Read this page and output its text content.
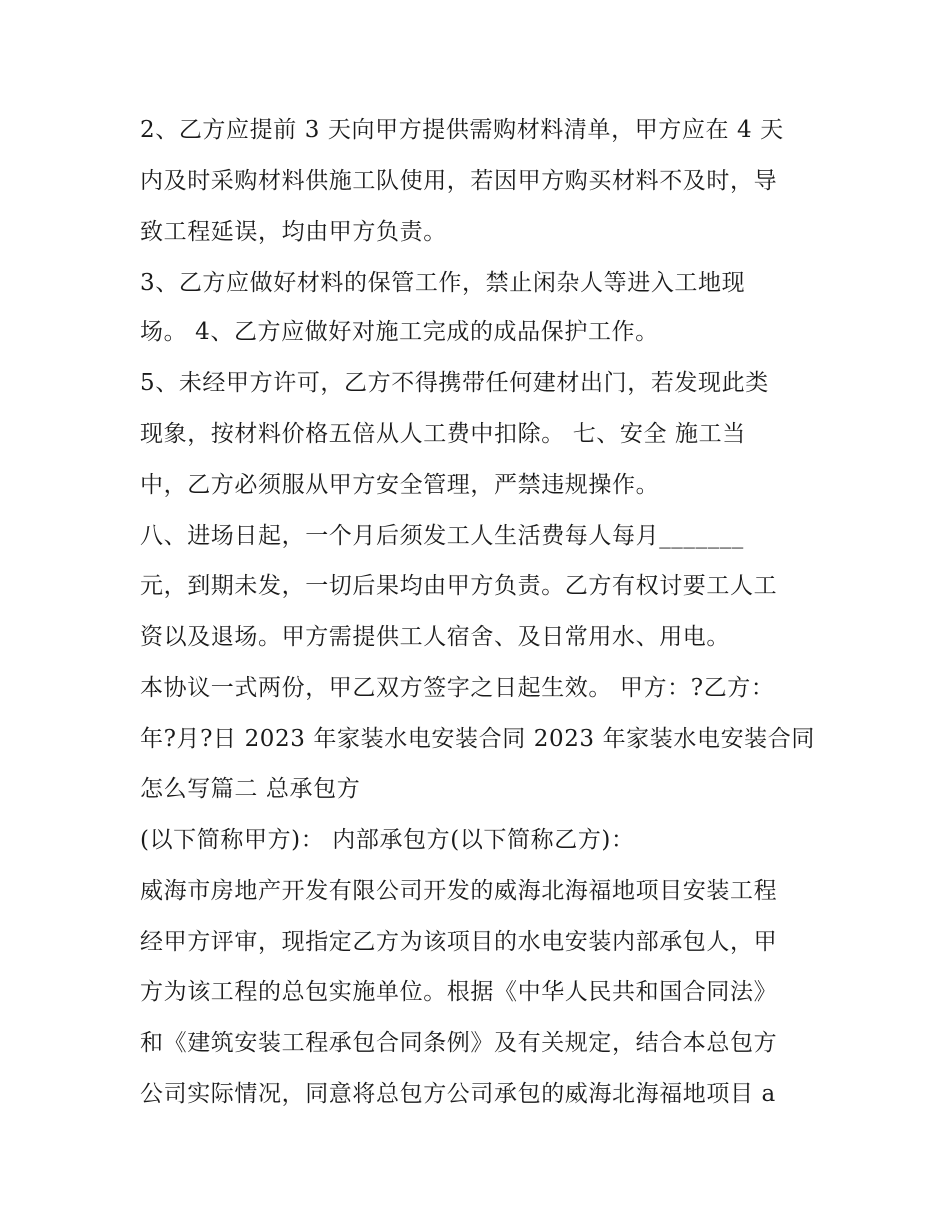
2、乙方应提前 3 天向甲方提供需购材料清单，甲方应在 4 天
内及时采购材料供施工队使用，若因甲方购买材料不及时，导
致工程延误，均由甲方负责。
3、乙方应做好材料的保管工作，禁止闲杂人等进入工地现
场。 4、乙方应做好对施工完成的成品保护工作。
5、未经甲方许可，乙方不得携带任何建材出门，若发现此类
现象，按材料价格五倍从人工费中扣除。 七、安全 施工当
中，乙方必须服从甲方安全管理，严禁违规操作。
八、进场日起，一个月后须发工人生活费每人每月_______
元，到期未发，一切后果均由甲方负责。乙方有权讨要工人工
资以及退场。甲方需提供工人宿舍、及日常用水、用电。
本协议一式两份，甲乙双方签字之日起生效。 甲方：?乙方：
年?月?日 2023 年家装水电安装合同 2023 年家装水电安装合同
怎么写篇二 总承包方
(以下简称甲方)： 内部承包方(以下简称乙方)：
威海市房地产开发有限公司开发的威海北海福地项目安装工程
经甲方评审，现指定乙方为该项目的水电安装内部承包人，甲
方为该工程的总包实施单位。根据《中华人民共和国合同法》
和《建筑安装工程承包合同条例》及有关规定，结合本总包方
公司实际情况，同意将总包方公司承包的威海北海福地项目 a
